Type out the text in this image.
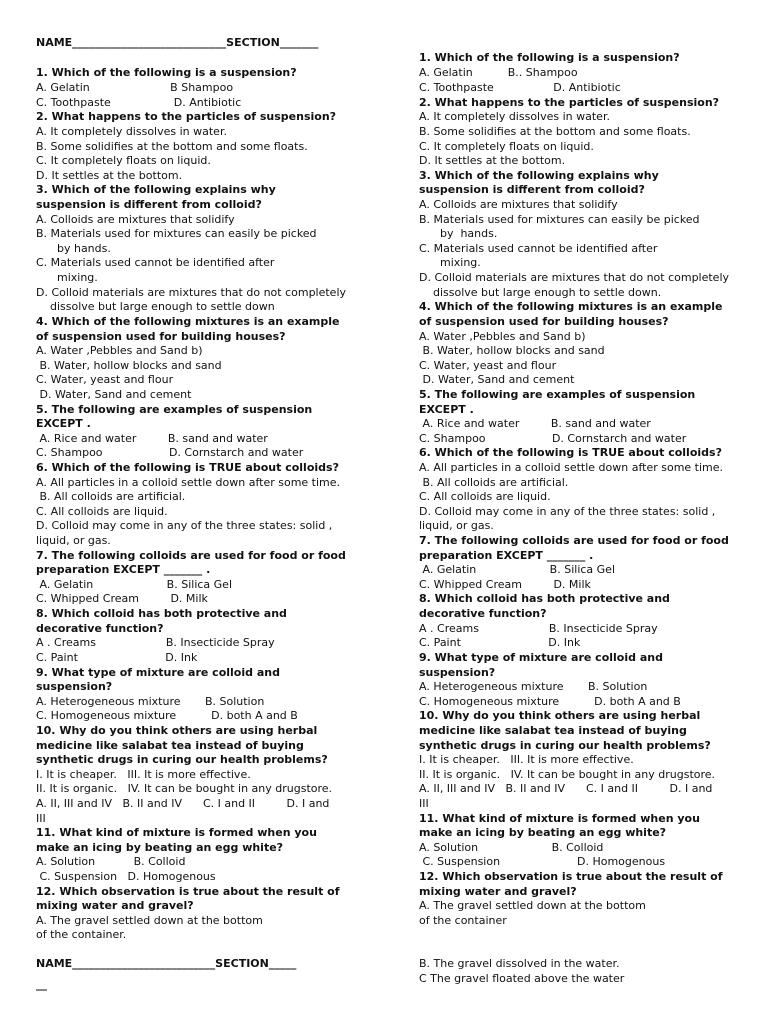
NAME____________________________SECTION_______
1. Which of the following is a suspension?
A. Gelatin                       B Shampoo
C. Toothpaste                  D. Antibiotic
2. What happens to the particles of suspension?
A. It completely dissolves in water.
B. Some solidifies at the bottom and some floats.
C. It completely floats on liquid.
D. It settles at the bottom.
3. Which of the following explains why
suspension is different from colloid?
A. Colloids are mixtures that solidify
B. Materials used for mixtures can easily be picked
by hands.
C. Materials used cannot be identified after
mixing.
D. Colloid materials are mixtures that do not completely
dissolve but large enough to settle down
4. Which of the following mixtures is an example
of suspension used for building houses?
A. Water ,Pebbles and Sand b)
B. Water, hollow blocks and sand
C. Water, yeast and flour
D. Water, Sand and cement
5. The following are examples of suspension
EXCEPT .
A. Rice and water         B. sand and water
C. Shampoo                   D. Cornstarch and water
6. Which of the following is TRUE about colloids?
A. All particles in a colloid settle down after some time.
B. All colloids are artificial.
C. All colloids are liquid.
D. Colloid may come in any of the three states: solid ,
liquid, or gas.
7. The following colloids are used for food or food
preparation EXCEPT _______ .
A. Gelatin                     B. Silica Gel
C. Whipped Cream         D. Milk
8. Which colloid has both protective and
decorative function?
A . Creams                    B. Insecticide Spray
C. Paint                         D. Ink
9. What type of mixture are colloid and
suspension?
A. Heterogeneous mixture       B. Solution
C. Homogeneous mixture          D. both A and B
10. Why do you think others are using herbal
medicine like salabat tea instead of buying
synthetic drugs in curing our health problems?
I. It is cheaper.   III. It is more effective.
II. It is organic.   IV. It can be bought in any drugstore.
A. II, III and IV   B. II and IV      C. I and II         D. I and
III
11. What kind of mixture is formed when you
make an icing by beating an egg white?
A. Solution           B. Colloid
C. Suspension   D. Homogenous
12. Which observation is true about the result of
mixing water and gravel?
A. The gravel settled down at the bottom
of the container.
NAME__________________________SECTION_____
__
1. Which of the following is a suspension?
A. Gelatin          B.. Shampoo
C. Toothpaste                 D. Antibiotic
2. What happens to the particles of suspension?
A. It completely dissolves in water.
B. Some solidifies at the bottom and some floats.
C. It completely floats on liquid.
D. It settles at the bottom.
3. Which of the following explains why
suspension is different from colloid?
A. Colloids are mixtures that solidify
B. Materials used for mixtures can easily be picked
by  hands.
C. Materials used cannot be identified after
mixing.
D. Colloid materials are mixtures that do not completely
dissolve but large enough to settle down.
4. Which of the following mixtures is an example
of suspension used for building houses?
A. Water ,Pebbles and Sand b)
B. Water, hollow blocks and sand
C. Water, yeast and flour
D. Water, Sand and cement
5. The following are examples of suspension
EXCEPT .
A. Rice and water         B. sand and water
C. Shampoo                   D. Cornstarch and water
6. Which of the following is TRUE about colloids?
A. All particles in a colloid settle down after some time.
B. All colloids are artificial.
C. All colloids are liquid.
D. Colloid may come in any of the three states: solid ,
liquid, or gas.
7. The following colloids are used for food or food
preparation EXCEPT _______ .
A. Gelatin                     B. Silica Gel
C. Whipped Cream         D. Milk
8. Which colloid has both protective and
decorative function?
A . Creams                    B. Insecticide Spray
C. Paint                         D. Ink
9. What type of mixture are colloid and
suspension?
A. Heterogeneous mixture       B. Solution
C. Homogeneous mixture          D. both A and B
10. Why do you think others are using herbal
medicine like salabat tea instead of buying
synthetic drugs in curing our health problems?
I. It is cheaper.   III. It is more effective.
II. It is organic.   IV. It can be bought in any drugstore.
A. II, III and IV   B. II and IV      C. I and II         D. I and
III
11. What kind of mixture is formed when you
make an icing by beating an egg white?
A. Solution                     B. Colloid
C. Suspension                      D. Homogenous
12. Which observation is true about the result of
mixing water and gravel?
A. The gravel settled down at the bottom
of the container
B. The gravel dissolved in the water.
C The gravel floated above the water
